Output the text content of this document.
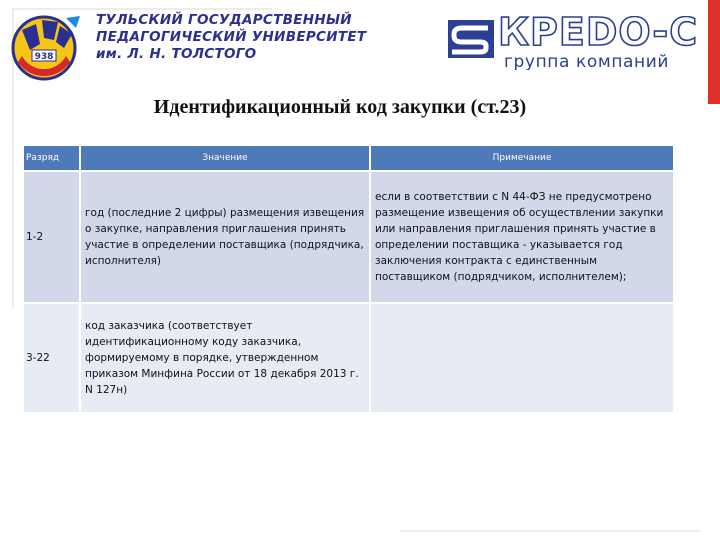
938
ТУЛЬСКИЙ ГОСУДАРСТВЕННЫЙ
ПЕДАГОГИЧЕСКИЙ УНИВЕРСИТЕТ
им. Л. Н. ТОЛСТОГО	КРЕDO-С
группа компаний
Идентификационный код закупки (ст.23)
Разряд	Значение	Примечание
1-2	год (последние 2 цифры) размещения извещения о закупке, направления приглашения принять участие в определении поставщика (подрядчика, исполнителя)	если в соответствии с N 44-ФЗ не предусмотрено размещение извещения об осуществлении закупки или направления приглашения принять участие в определении поставщика - указывается год заключения контракта с единственным поставщиком (подрядчиком, исполнителем);
3-22	код заказчика (соответствует идентификационному коду заказчика, формируемому в порядке, утвержденном приказом Минфина России от 18 декабря 2013 г. N 127н)	
